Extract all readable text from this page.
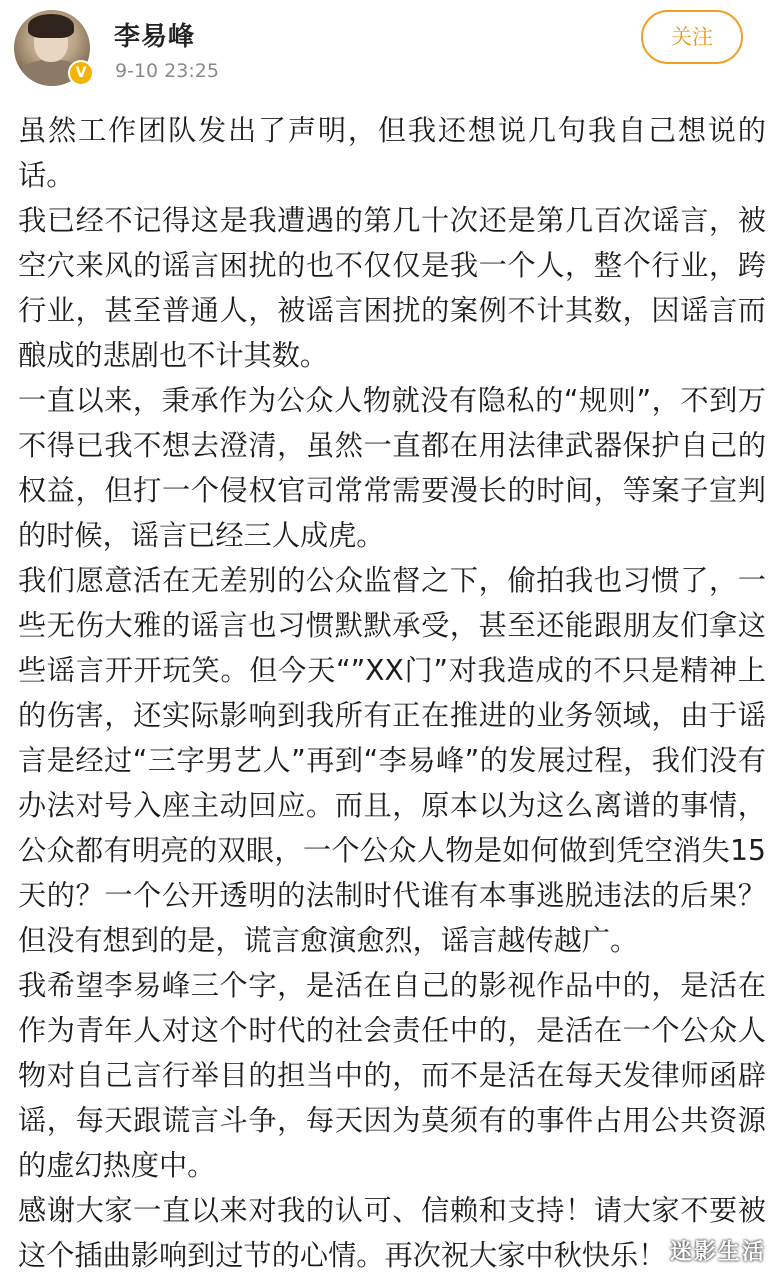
V
李易峰
9-10 23:25
关注

虽然工作团队发出了声明，但我还想说几句我自己想说的话。

我已经不记得这是我遭遇的第几十次还是第几百次谣言，被空穴来风的谣言困扰的也不仅仅是我一个人，整个行业，跨行业，甚至普通人，被谣言困扰的案例不计其数，因谣言而酿成的悲剧也不计其数。

一直以来，秉承作为公众人物就没有隐私的“规则”，不到万不得已我不想去澄清，虽然一直都在用法律武器保护自己的权益，但打一个侵权官司常常需要漫长的时间，等案子宣判的时候，谣言已经三人成虎。

我们愿意活在无差别的公众监督之下，偷拍我也习惯了，一些无伤大雅的谣言也习惯默默承受，甚至还能跟朋友们拿这些谣言开开玩笑。但今天“”XX门”对我造成的不只是精神上的伤害，还实际影响到我所有正在推进的业务领域，由于谣言是经过“三字男艺人”再到“李易峰”的发展过程，我们没有办法对号入座主动回应。而且，原本以为这么离谱的事情，公众都有明亮的双眼，一个公众人物是如何做到凭空消失15天的？一个公开透明的法制时代谁有本事逃脱违法的后果？但没有想到的是，谎言愈演愈烈，谣言越传越广。

我希望李易峰三个字，是活在自己的影视作品中的，是活在作为青年人对这个时代的社会责任中的，是活在一个公众人物对自己言行举目的担当中的，而不是活在每天发律师函辟谣，每天跟谎言斗争，每天因为莫须有的事件占用公共资源的虚幻热度中。

感谢大家一直以来对我的认可、信赖和支持！请大家不要被这个插曲影响到过节的心情。再次祝大家中秋快乐！ 迷影生活
